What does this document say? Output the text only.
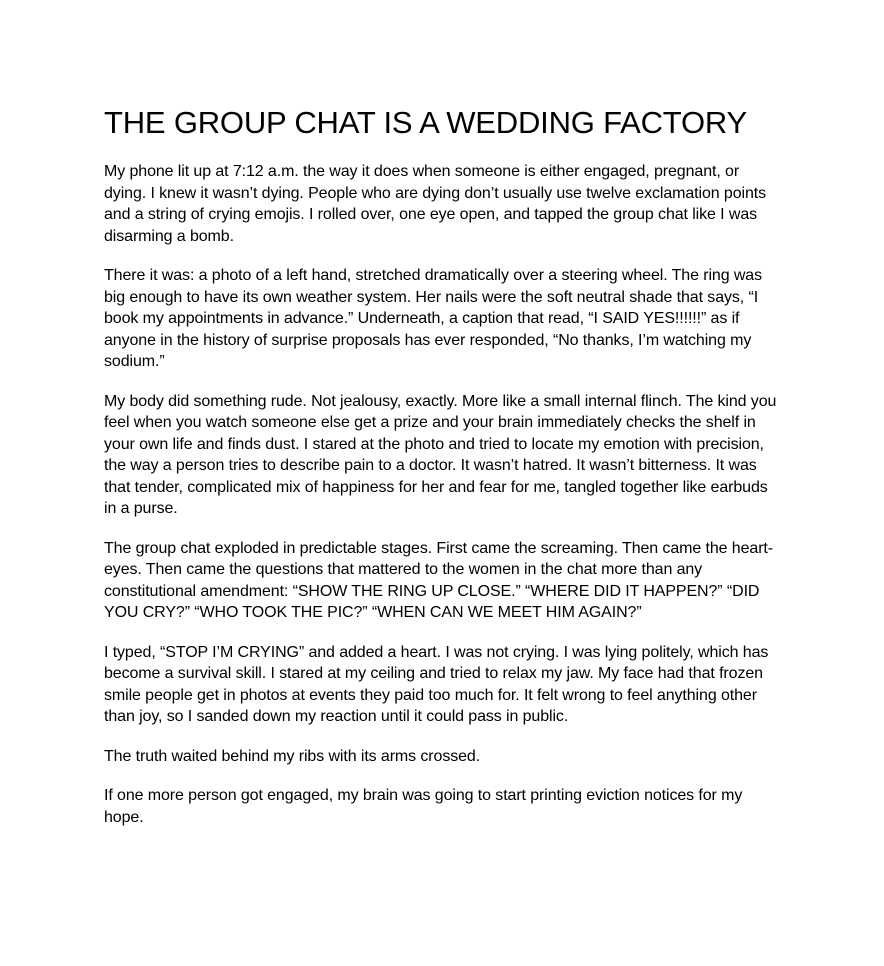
THE GROUP CHAT IS A WEDDING FACTORY

My phone lit up at 7:12 a.m. the way it does when someone is either engaged, pregnant, or dying. I knew it wasn’t dying. People who are dying don’t usually use twelve exclamation points and a string of crying emojis. I rolled over, one eye open, and tapped the group chat like I was disarming a bomb.

There it was: a photo of a left hand, stretched dramatically over a steering wheel. The ring was big enough to have its own weather system. Her nails were the soft neutral shade that says, “I book my appointments in advance.” Underneath, a caption that read, “I SAID YES!!!!!!” as if anyone in the history of surprise proposals has ever responded, “No thanks, I’m watching my sodium.”

My body did something rude. Not jealousy, exactly. More like a small internal flinch. The kind you feel when you watch someone else get a prize and your brain immediately checks the shelf in your own life and finds dust. I stared at the photo and tried to locate my emotion with precision, the way a person tries to describe pain to a doctor. It wasn’t hatred. It wasn’t bitterness. It was that tender, complicated mix of happiness for her and fear for me, tangled together like earbuds in a purse.

The group chat exploded in predictable stages. First came the screaming. Then came the heart-eyes. Then came the questions that mattered to the women in the chat more than any constitutional amendment: “SHOW THE RING UP CLOSE.” “WHERE DID IT HAPPEN?” “DID YOU CRY?” “WHO TOOK THE PIC?” “WHEN CAN WE MEET HIM AGAIN?”

I typed, “STOP I’M CRYING” and added a heart. I was not crying. I was lying politely, which has become a survival skill. I stared at my ceiling and tried to relax my jaw. My face had that frozen smile people get in photos at events they paid too much for. It felt wrong to feel anything other than joy, so I sanded down my reaction until it could pass in public.

The truth waited behind my ribs with its arms crossed.

If one more person got engaged, my brain was going to start printing eviction notices for my hope.
